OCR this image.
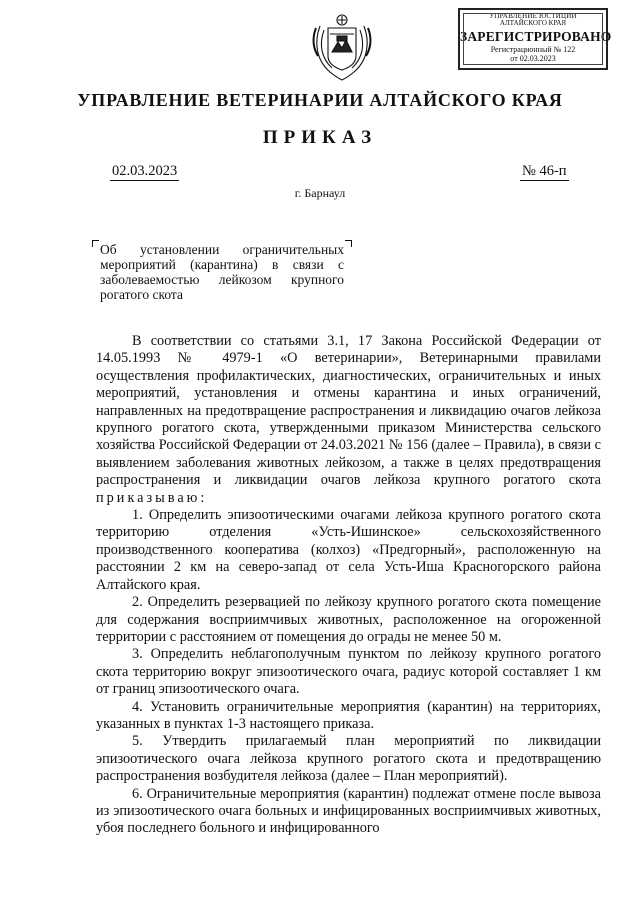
УПРАВЛЕНИЕ ЮСТИЦИИ
АЛТАЙСКОГО КРАЯ
ЗАРЕГИСТРИРОВАНО
Регистрационный № 122
от 02.03.2023
УПРАВЛЕНИЕ ВЕТЕРИНАРИИ АЛТАЙСКОГО КРАЯ
ПРИКАЗ
02.03.2023	№ 46-п
г. Барнаул
Об установлении ограничительных мероприятий (карантина) в связи с заболеваемостью лейкозом крупного рогатого скота

В соответствии со статьями 3.1, 17 Закона Российской Федерации от 14.05.1993 № 4979-1 «О ветеринарии», Ветеринарными правилами осуществления профилактических, диагностических, ограничительных и иных мероприятий, установления и отмены карантина и иных ограничений, направленных на предотвращение распространения и ликвидацию очагов лейкоза крупного рогатого скота, утвержденными приказом Министерства сельского хозяйства Российской Федерации от 24.03.2021 № 156 (далее – Правила), в связи с выявлением заболевания животных лейкозом, а также в целях предотвращения распространения и ликвидации очагов лейкоза крупного рогатого скота приказываю:

1. Определить эпизоотическими очагами лейкоза крупного рогатого скота территорию отделения «Усть-Ишинское» сельскохозяйственного производственного кооператива (колхоз) «Предгорный», расположенную на расстоянии 2 км на северо-запад от села Усть-Иша Красногорского района Алтайского края.

2. Определить резервацией по лейкозу крупного рогатого скота помещение для содержания восприимчивых животных, расположенное на огороженной территории с расстоянием от помещения до ограды не менее 50 м.

3. Определить неблагополучным пунктом по лейкозу крупного рогатого скота территорию вокруг эпизоотического очага, радиус которой составляет 1 км от границ эпизоотического очага.

4. Установить ограничительные мероприятия (карантин) на территориях, указанных в пунктах 1-3 настоящего приказа.

5. Утвердить прилагаемый план мероприятий по ликвидации эпизоотического очага лейкоза крупного рогатого скота и предотвращению распространения возбудителя лейкоза (далее – План мероприятий).

6. Ограничительные мероприятия (карантин) подлежат отмене после вывоза из эпизоотического очага больных и инфицированных восприимчивых животных, убоя последнего больного и инфицированного
